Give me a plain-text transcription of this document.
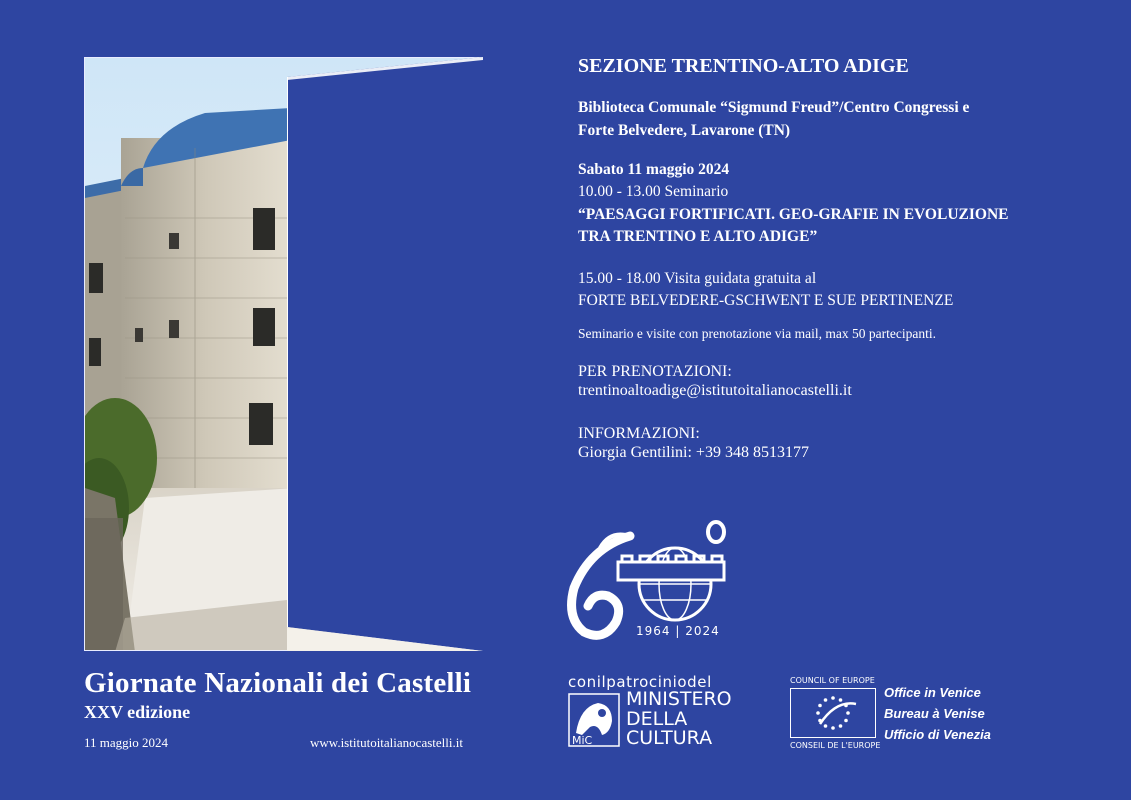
Giornate Nazionali dei Castelli
XXV edizione
11 maggio 2024	www.istitutoitalianocastelli.it
SEZIONE TRENTINO-ALTO ADIGE
Biblioteca Comunale “Sigmund Freud”/Centro Congressi e
Forte Belvedere, Lavarone (TN)
Sabato 11 maggio 2024
10.00 - 13.00 Seminario
“PAESAGGI FORTIFICATI. GEO-GRAFIE IN EVOLUZIONE
TRA TRENTINO E ALTO ADIGE”
15.00 - 18.00 Visita guidata gratuita al
FORTE BELVEDERE-GSCHWENT E SUE PERTINENZE
Seminario e visite con prenotazione via mail, max 50 partecipanti.
PER PRENOTAZIONI:
trentinoaltoadige@istitutoitalianocastelli.it
INFORMAZIONI:
Giorgia Gentilini: +39 348 8513177
1964 | 2024
conilpatrociniodel
MiC
MINISTERO
DELLA
CULTURA
COUNCIL OF EUROPE
CONSEIL DE L'EUROPE
Office in Venice
Bureau à Venise
Ufficio di Venezia
